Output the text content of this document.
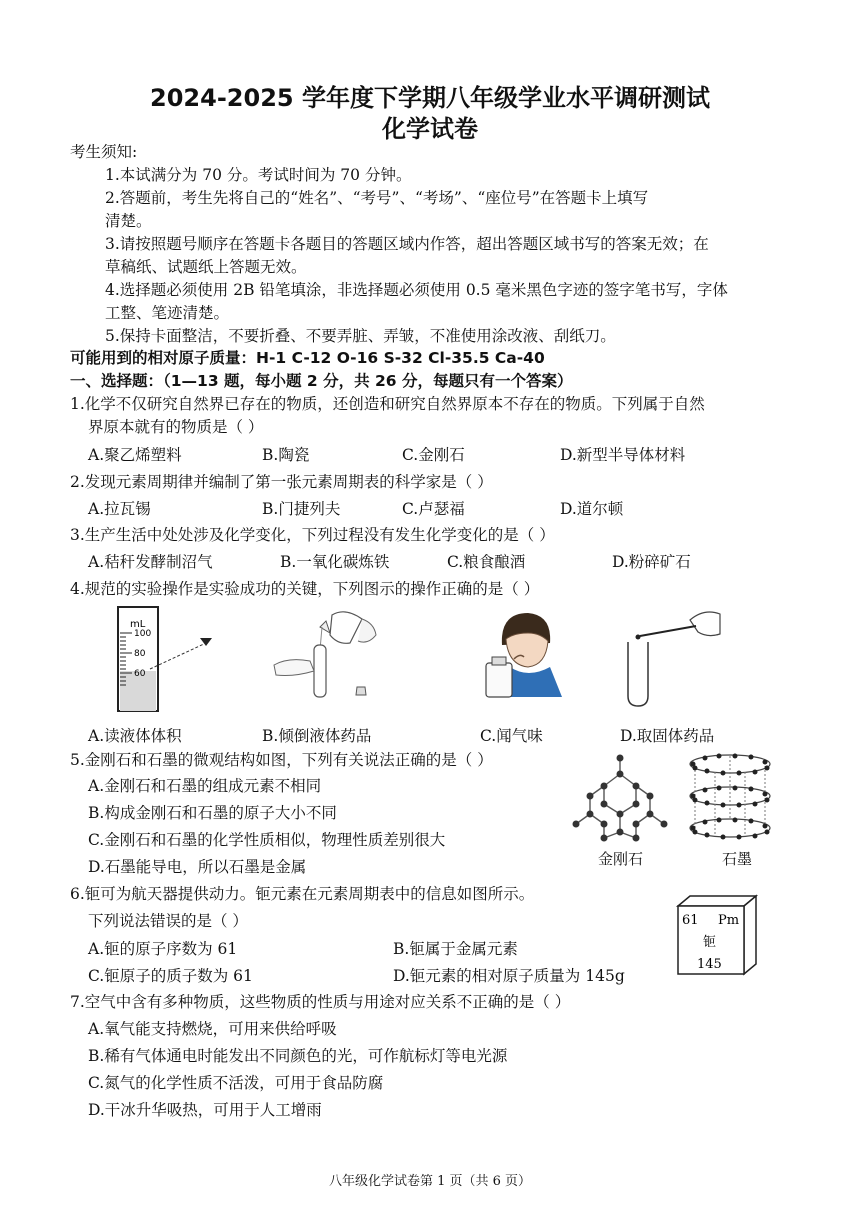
2024-2025 学年度下学期八年级学业水平调研测试
化学试卷
考生须知:
1.本试满分为 70 分。考试时间为 70 分钟。
2.答题前，考生先将自己的“姓名”、“考号”、“考场”、“座位号”在答题卡上填写
清楚。
3.请按照题号顺序在答题卡各题目的答题区域内作答，超出答题区域书写的答案无效；在
草稿纸、试题纸上答题无效。
4.选择题必须使用 2B 铅笔填涂，非选择题必须使用 0.5 毫米黑色字迹的签字笔书写，字体
工整、笔迹清楚。
5.保持卡面整洁，不要折叠、不要弄脏、弄皱，不准使用涂改液、刮纸刀。
可能用到的相对原子质量：H-1 C-12 O-16 S-32 Cl-35.5 Ca-40
一、选择题：（1—13 题，每小题 2 分，共 26 分，每题只有一个答案）
1.化学不仅研究自然界已存在的物质，还创造和研究自然界原本不存在的物质。下列属于自然
界原本就有的物质是（ ）
A.聚乙烯塑料	B.陶瓷	C.金刚石	D.新型半导体材料
2.发现元素周期律并编制了第一张元素周期表的科学家是（ ）
A.拉瓦锡	B.门捷列夫	C.卢瑟福	D.道尔顿
3.生产生活中处处涉及化学变化，下列过程没有发生化学变化的是（ ）
A.秸秆发酵制沼气	B.一氧化碳炼铁	C.粮食酿酒	D.粉碎矿石
4.规范的实验操作是实验成功的关键，下列图示的操作正确的是（ ）
mL
100
80
60
A.读液体体积	B.倾倒液体药品	C.闻气味	D.取固体药品
5.金刚石和石墨的微观结构如图，下列有关说法正确的是（ ）
A.金刚石和石墨的组成元素不相同
B.构成金刚石和石墨的原子大小不同
C.金刚石和石墨的化学性质相似，物理性质差别很大
D.石墨能导电，所以石墨是金属	金刚石	石墨
6.钷可为航天器提供动力。钷元素在元素周期表中的信息如图所示。
下列说法错误的是（ ）
A.钷的原子序数为 61	B.钷属于金属元素
C.钷原子的质子数为 61	D.钷元素的相对原子质量为 145g
61 Pm
钷
145
7.空气中含有多种物质，这些物质的性质与用途对应关系不正确的是（ ）
A.氧气能支持燃烧，可用来供给呼吸
B.稀有气体通电时能发出不同颜色的光，可作航标灯等电光源
C.氮气的化学性质不活泼，可用于食品防腐
D.干冰升华吸热，可用于人工增雨
八年级化学试卷第 1 页（共 6 页）
